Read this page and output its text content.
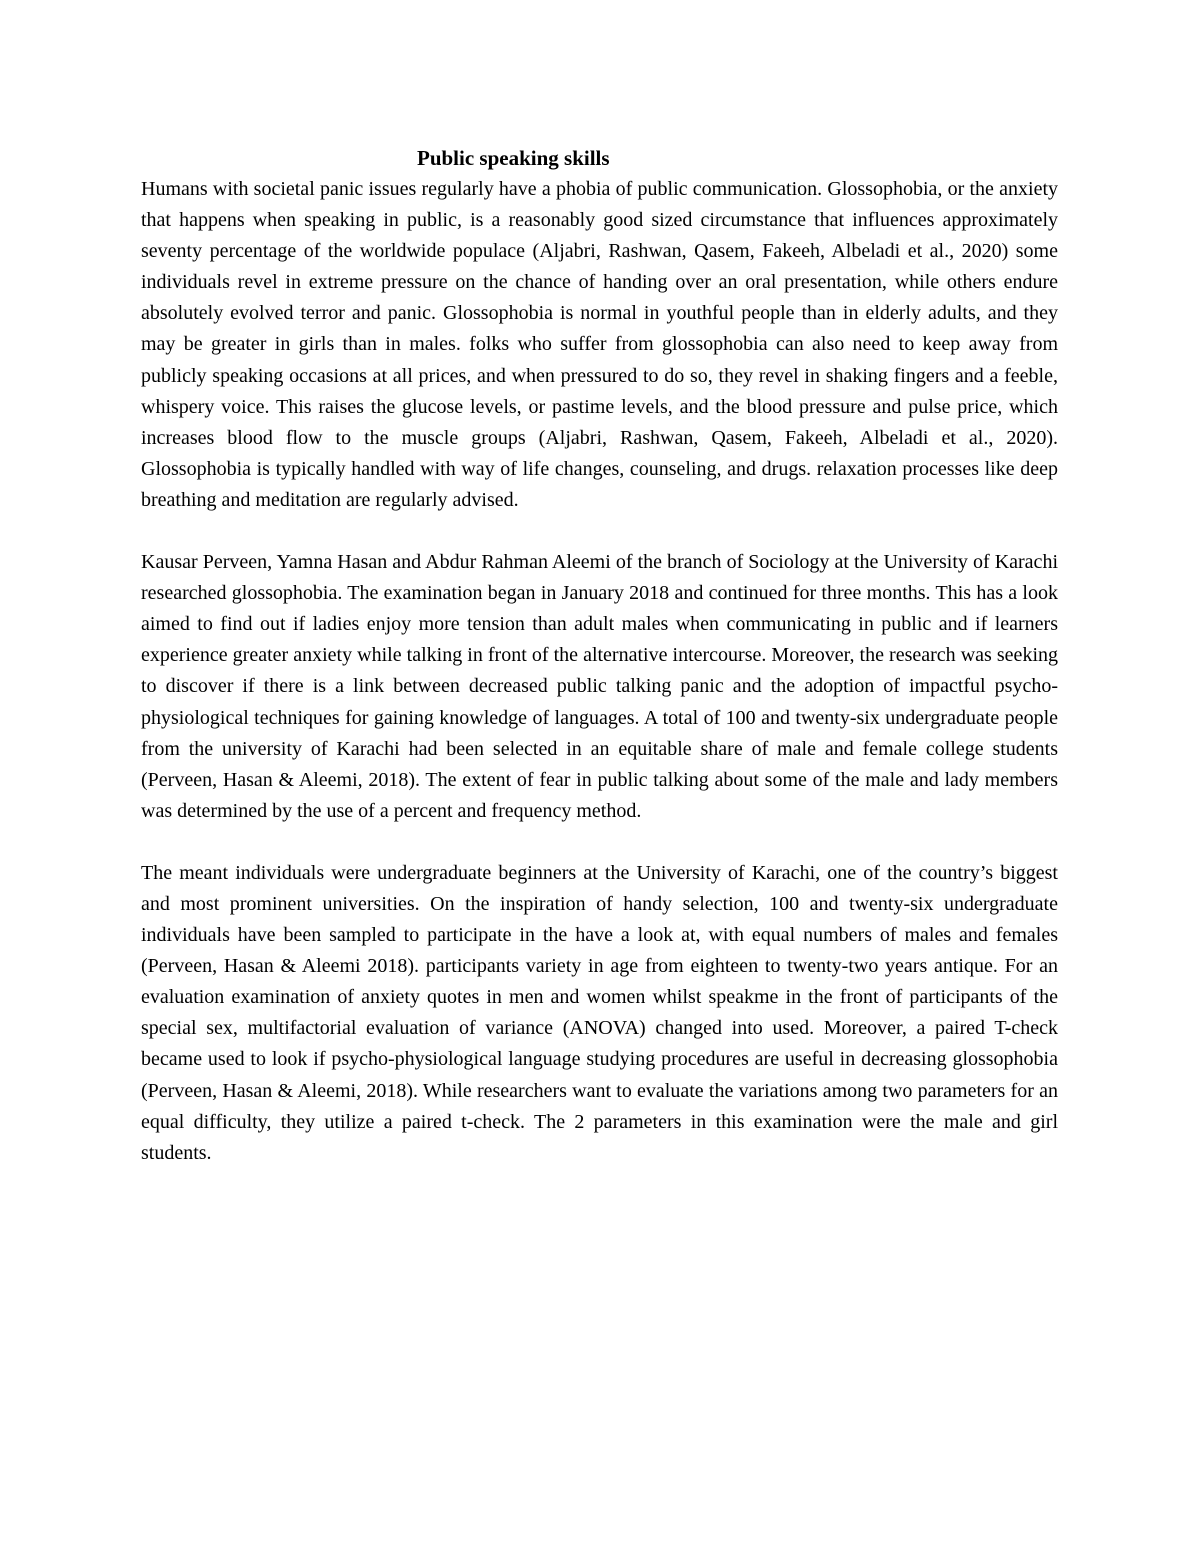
Public speaking skills

Humans with societal panic issues regularly have a phobia of public communication. Glossophobia, or the anxiety that happens when speaking in public, is a reasonably good sized circumstance that influences approximately seventy percentage of the worldwide populace (Aljabri, Rashwan, Qasem, Fakeeh, Albeladi et al., 2020) some individuals revel in extreme pressure on the chance of handing over an oral presentation, while others endure absolutely evolved terror and panic. Glossophobia is normal in youthful people than in elderly adults, and they may be greater in girls than in males. folks who suffer from glossophobia can also need to keep away from publicly speaking occasions at all prices, and when pressured to do so, they revel in shaking fingers and a feeble, whispery voice. This raises the glucose levels, or pastime levels, and the blood pressure and pulse price, which increases blood flow to the muscle groups (Aljabri, Rashwan, Qasem, Fakeeh, Albeladi et al., 2020). Glossophobia is typically handled with way of life changes, counseling, and drugs. relaxation processes like deep breathing and meditation are regularly advised.

Kausar Perveen, Yamna Hasan and Abdur Rahman Aleemi of the branch of Sociology at the University of Karachi researched glossophobia. The examination began in January 2018 and continued for three months. This has a look aimed to find out if ladies enjoy more tension than adult males when communicating in public and if learners experience greater anxiety while talking in front of the alternative intercourse. Moreover, the research was seeking to discover if there is a link between decreased public talking panic and the adoption of impactful psycho-physiological techniques for gaining knowledge of languages. A total of 100 and twenty-six undergraduate people from the university of Karachi had been selected in an equitable share of male and female college students (Perveen, Hasan & Aleemi, 2018). The extent of fear in public talking about some of the male and lady members was determined by the use of a percent and frequency method.

The meant individuals were undergraduate beginners at the University of Karachi, one of the country’s biggest and most prominent universities. On the inspiration of handy selection, 100 and twenty-six undergraduate individuals have been sampled to participate in the have a look at, with equal numbers of males and females (Perveen, Hasan & Aleemi 2018). participants variety in age from eighteen to twenty-two years antique. For an evaluation examination of anxiety quotes in men and women whilst speakme in the front of participants of the special sex, multifactorial evaluation of variance (ANOVA) changed into used. Moreover, a paired T-check became used to look if psycho-physiological language studying procedures are useful in decreasing glossophobia (Perveen, Hasan & Aleemi, 2018). While researchers want to evaluate the variations among two parameters for an equal difficulty, they utilize a paired t-check. The 2 parameters in this examination were the male and girl students.
